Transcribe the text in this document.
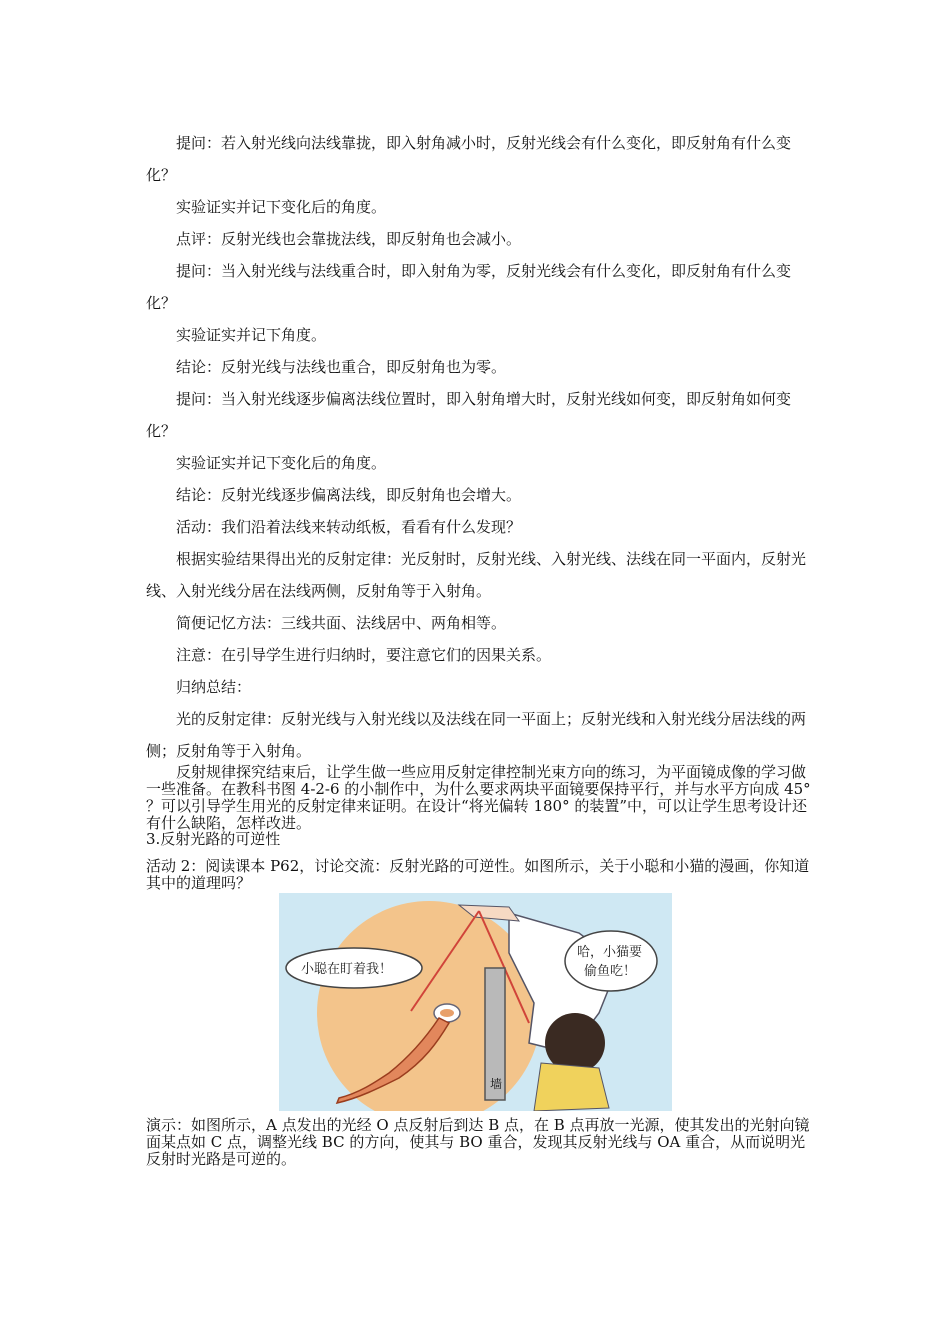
提问：若入射光线向法线靠拢，即入射角减小时，反射光线会有什么变化，即反射角有什么变化？

实验证实并记下变化后的角度。

点评：反射光线也会靠拢法线，即反射角也会减小。

提问：当入射光线与法线重合时，即入射角为零，反射光线会有什么变化，即反射角有什么变化？

实验证实并记下角度。

结论：反射光线与法线也重合，即反射角也为零。

提问：当入射光线逐步偏离法线位置时，即入射角增大时，反射光线如何变，即反射角如何变化？

实验证实并记下变化后的角度。

结论：反射光线逐步偏离法线，即反射角也会增大。

活动：我们沿着法线来转动纸板，看看有什么发现？

根据实验结果得出光的反射定律：光反射时，反射光线、入射光线、法线在同一平面内，反射光线、入射光线分居在法线两侧，反射角等于入射角。

简便记忆方法：三线共面、法线居中、两角相等。

注意：在引导学生进行归纳时，要注意它们的因果关系。

归纳总结：

光的反射定律：反射光线与入射光线以及法线在同一平面上；反射光线和入射光线分居法线的两侧；反射角等于入射角。

反射规律探究结束后，让学生做一些应用反射定律控制光束方向的练习，为平面镜成像的学习做一些准备。在教科书图 4-2-6 的小制作中，为什么要求两块平面镜要保持平行，并与水平方向成 45° ？可以引导学生用光的反射定律来证明。在设计“将光偏转 180° 的装置”中，可以让学生思考设计还有什么缺陷，怎样改进。

3.反射光路的可逆性

活动 2：阅读课本 P62，讨论交流：反射光路的可逆性。如图所示，关于小聪和小猫的漫画，你知道其中的道理吗？

墙
小聪在盯着我！
哈，小猫要
偷鱼吃！

演示：如图所示，A 点发出的光经 O 点反射后到达 B 点，在 B 点再放一光源，使其发出的光射向镜面某点如 C 点，调整光线 BC 的方向，使其与 BO 重合，发现其反射光线与 OA 重合，从而说明光反射时光路是可逆的。
